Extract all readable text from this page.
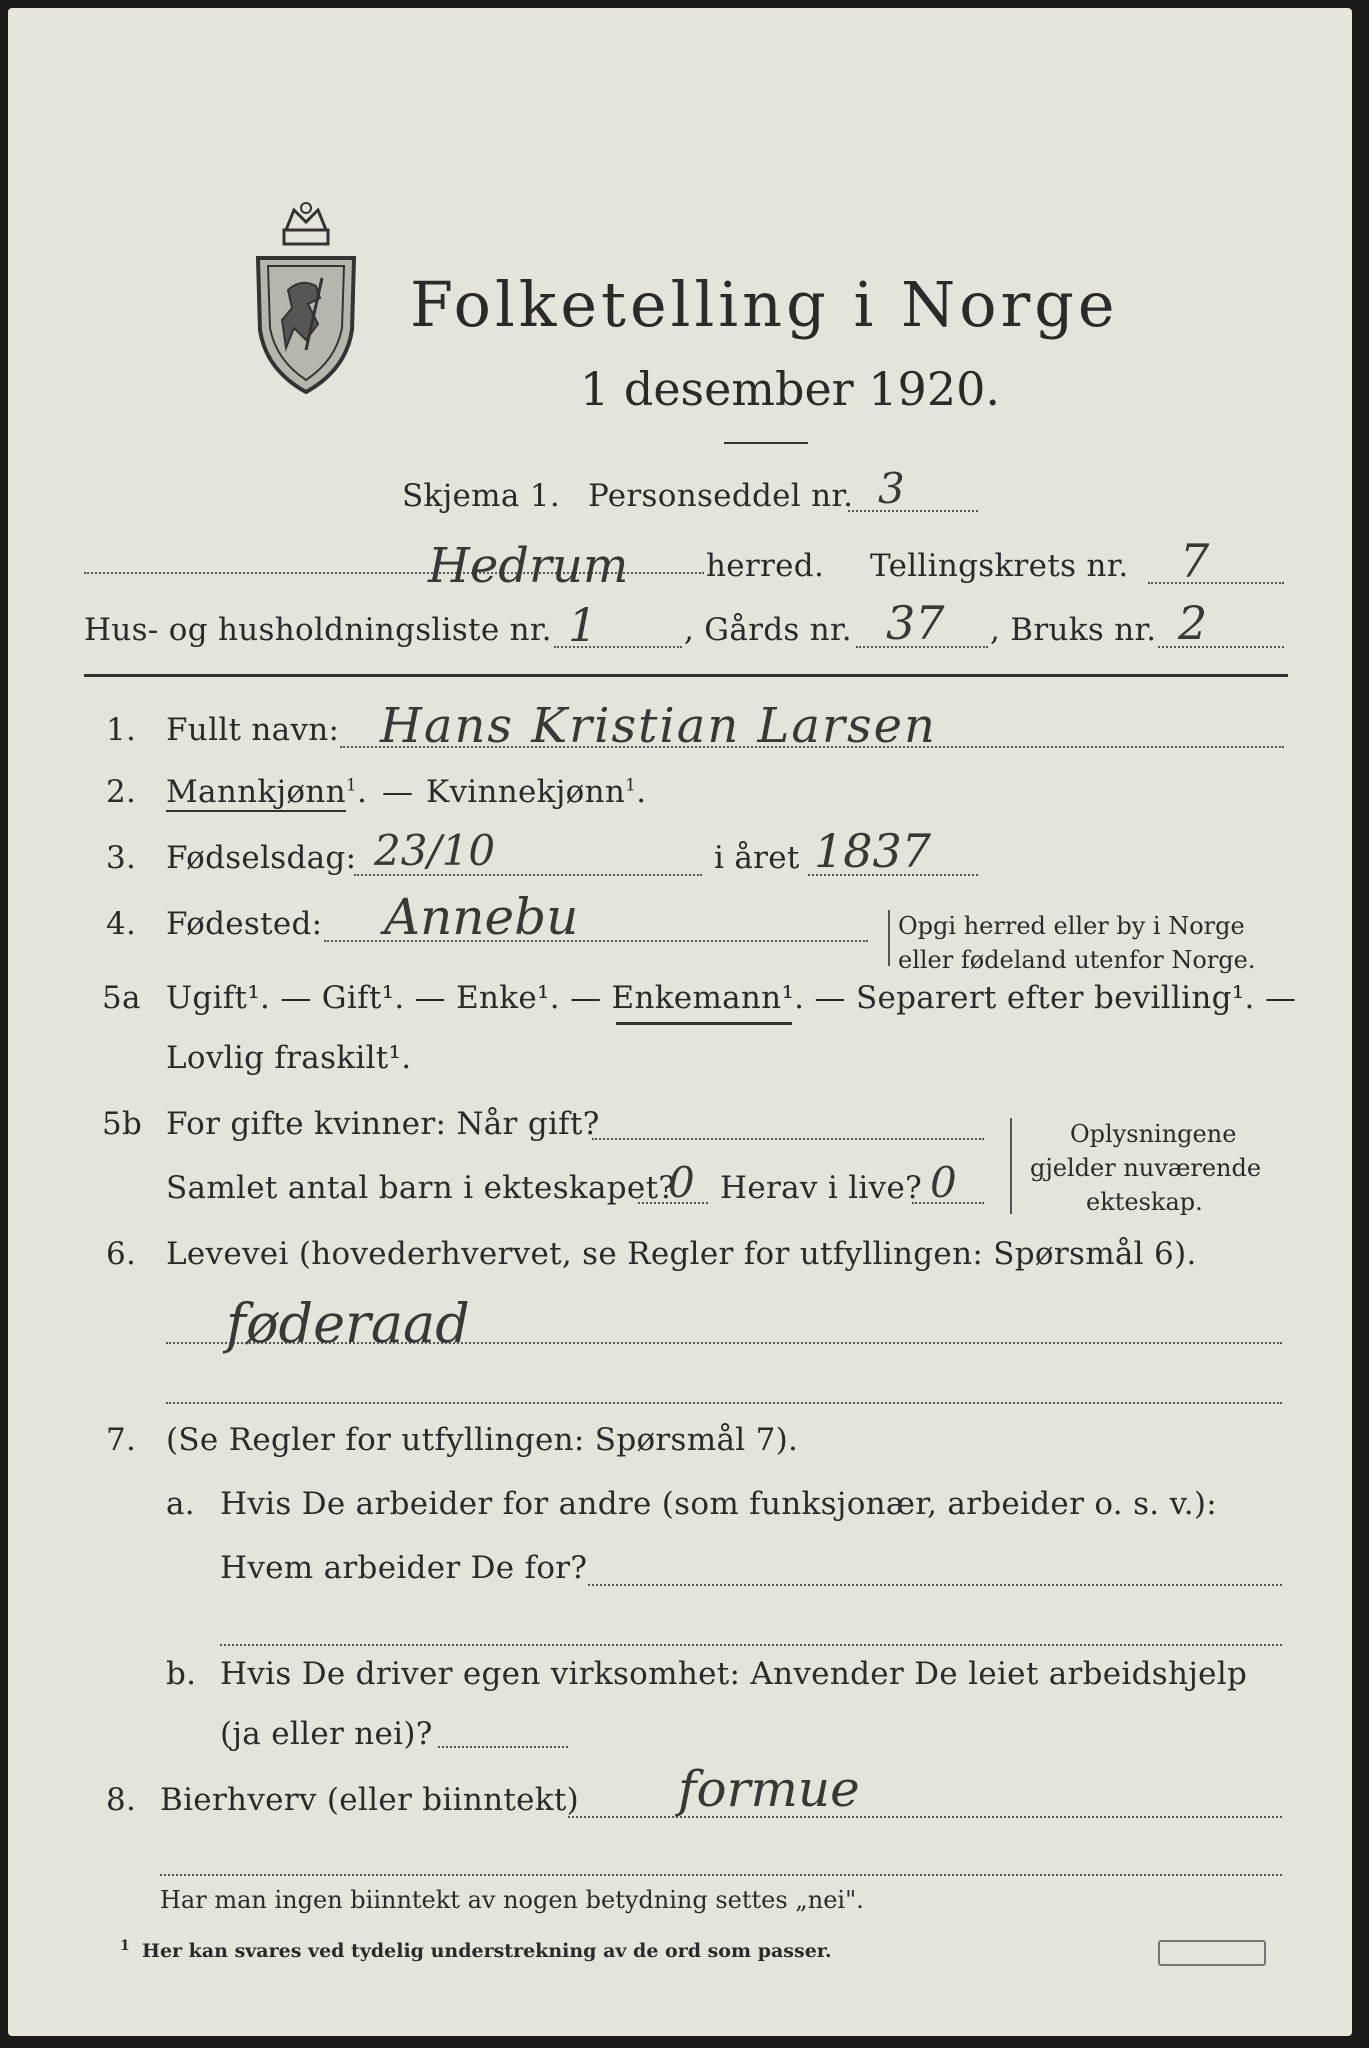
Folketelling i Norge
1 desember 1920.
Skjema 1. Personseddel nr. 3
Hedrum	herred. Tellingskrets nr. 7
Hus- og husholdningsliste nr. 1	, Gårds nr. 37 , Bruks nr. 2
1. Fullt navn: Hans Kristian Larsen
2. Mannkjønn$^1$. — Kvinnekjønn$^1$.
3. Fødselsdag: 23/10	i året 1837
4. Fødested: Annebu	Opgi herred eller by i Norge
eller fødeland utenfor Norge.
5a Ugift¹. — Gift¹. — Enke¹. — Enkemann¹. — Separert efter bevilling¹. —
Lovlig fraskilt¹.
5b For gifte kvinner: Når gift?
Samlet antal barn i ekteskapet?
0 Herav i live? 0
Oplysningene
gjelder nuværende
ekteskap.
6. Levevei (hovederhvervet, se Regler for utfyllingen: Spørsmål 6).
føderaad
7. (Se Regler for utfyllingen: Spørsmål 7).
a. Hvis De arbeider for andre (som funksjonær, arbeider o. s. v.):
Hvem arbeider De for?
b. Hvis De driver egen virksomhet: Anvender De leiet arbeidshjelp
(ja eller nei)?
8. Bierhverv (eller biinntekt) formue
Har man ingen biinntekt av nogen betydning settes „nei".
1 Her kan svares ved tydelig understrekning av de ord som passer.
